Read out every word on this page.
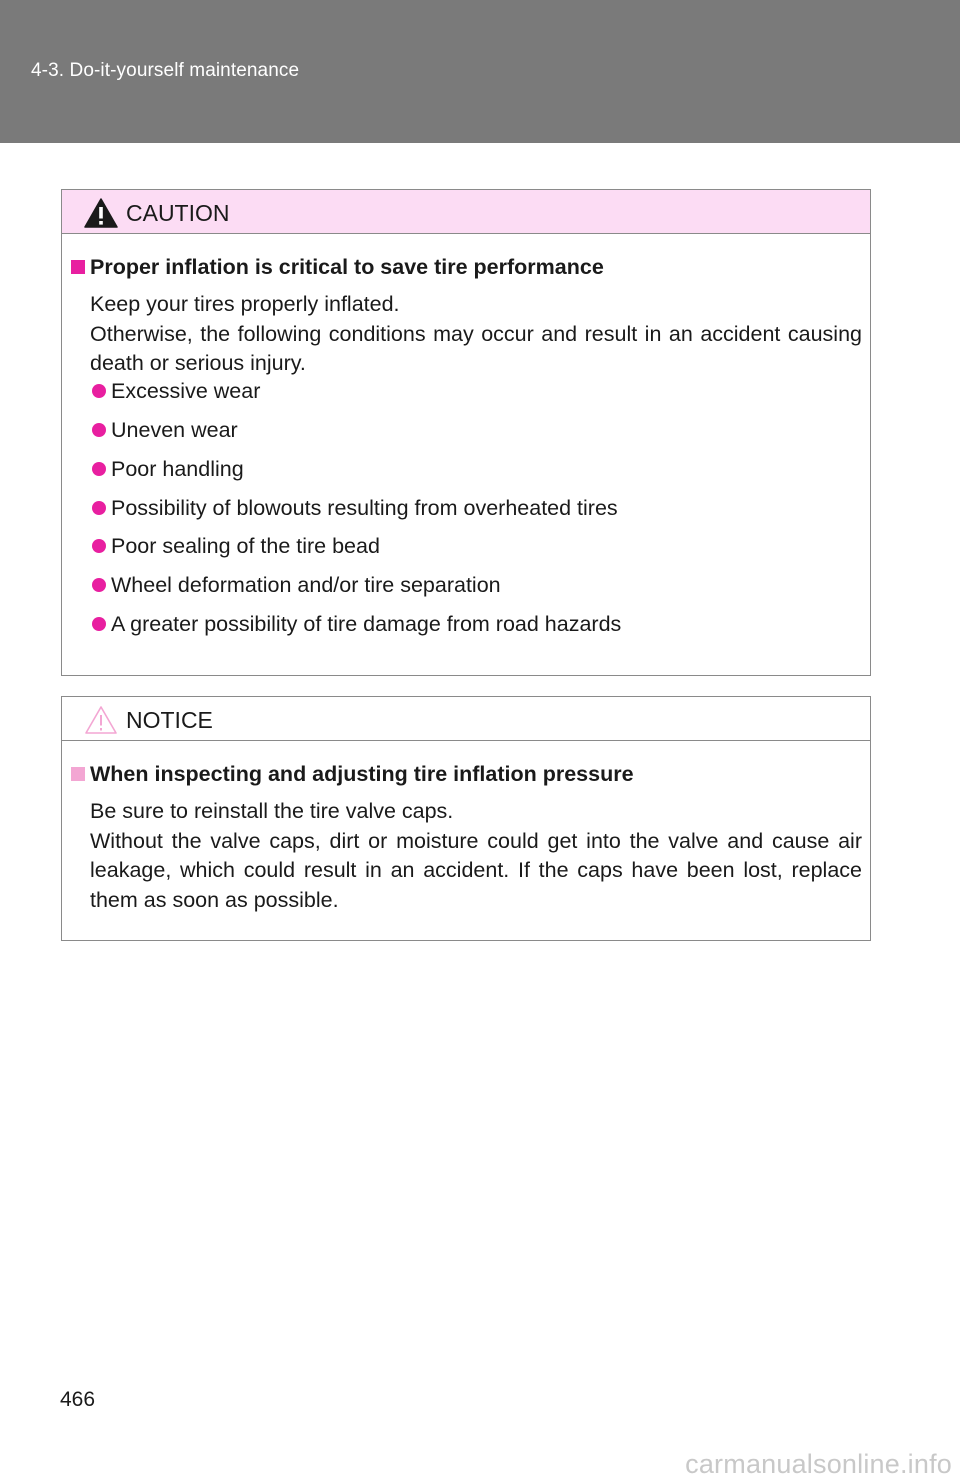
4-3. Do-it-yourself maintenance
CAUTION
Proper inflation is critical to save tire performance
Keep your tires properly inflated.
Otherwise, the following conditions may occur and result in an accident causing death or serious injury.
Excessive wear
Uneven wear
Poor handling
Possibility of blowouts resulting from overheated tires
Poor sealing of the tire bead
Wheel deformation and/or tire separation
A greater possibility of tire damage from road hazards
NOTICE
When inspecting and adjusting tire inflation pressure
Be sure to reinstall the tire valve caps.
Without the valve caps, dirt or moisture could get into the valve and cause air leakage, which could result in an accident. If the caps have been lost, replace them as soon as possible.
466
carmanualsonline.info
